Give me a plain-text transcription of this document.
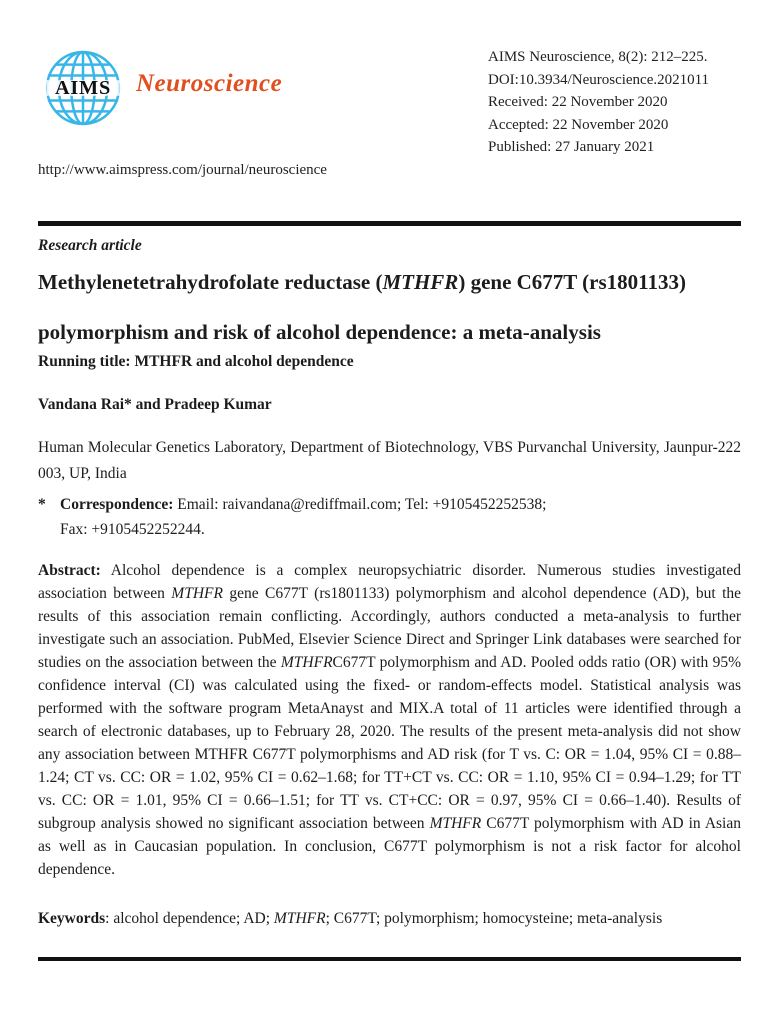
AIMS Neuroscience
AIMS Neuroscience, 8(2): 212–225.
DOI:10.3934/Neuroscience.2021011
Received: 22 November 2020
Accepted: 22 November 2020
Published: 27 January 2021
http://www.aimspress.com/journal/neuroscience
Research article
Methylenetetrahydrofolate reductase (MTHFR) gene C677T (rs1801133)
polymorphism and risk of alcohol dependence: a meta-analysis
Running title: MTHFR and alcohol dependence
Vandana Rai* and Pradeep Kumar
Human Molecular Genetics Laboratory, Department of Biotechnology, VBS Purvanchal University, Jaunpur-222 003, UP, India
* Correspondence: Email: raivandana@rediffmail.com; Tel: +9105452252538;
Fax: +9105452252244.
Abstract: Alcohol dependence is a complex neuropsychiatric disorder. Numerous studies investigated association between MTHFR gene C677T (rs1801133) polymorphism and alcohol dependence (AD), but the results of this association remain conflicting. Accordingly, authors conducted a meta-analysis to further investigate such an association. PubMed, Elsevier Science Direct and Springer Link databases were searched for studies on the association between the MTHFRC677T polymorphism and AD. Pooled odds ratio (OR) with 95% confidence interval (CI) was calculated using the fixed- or random-effects model. Statistical analysis was performed with the software program MetaAnayst and MIX.A total of 11 articles were identified through a search of electronic databases, up to February 28, 2020. The results of the present meta-analysis did not show any association between MTHFR C677T polymorphisms and AD risk (for T vs. C: OR = 1.04, 95% CI = 0.88–1.24; CT vs. CC: OR = 1.02, 95% CI = 0.62–1.68; for TT+CT vs. CC: OR = 1.10, 95% CI = 0.94–1.29; for TT vs. CC: OR = 1.01, 95% CI = 0.66–1.51; for TT vs. CT+CC: OR = 0.97, 95% CI = 0.66–1.40). Results of subgroup analysis showed no significant association between MTHFR C677T polymorphism with AD in Asian as well as in Caucasian population. In conclusion, C677T polymorphism is not a risk factor for alcohol dependence.
Keywords: alcohol dependence; AD; MTHFR; C677T; polymorphism; homocysteine; meta-analysis
